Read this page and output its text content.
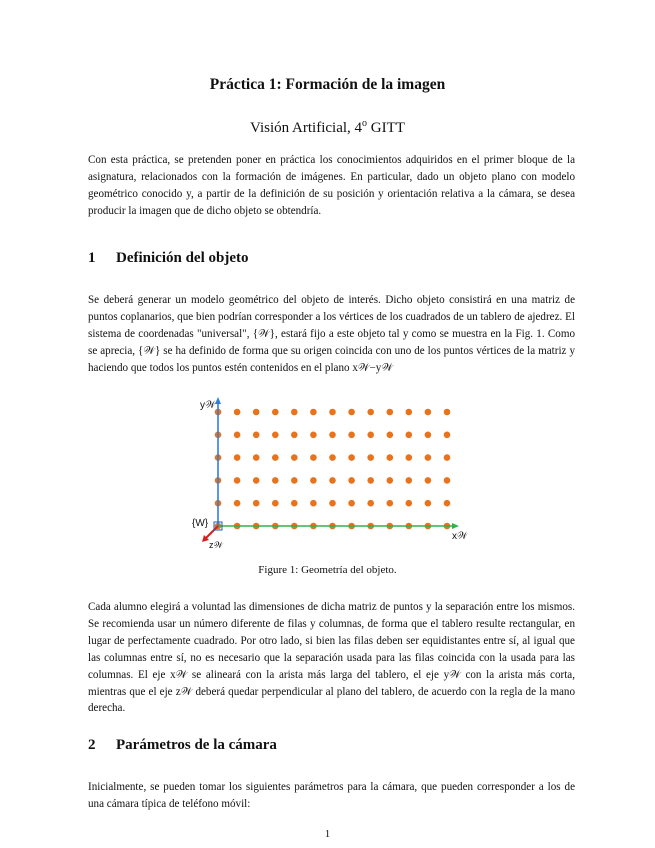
Práctica 1: Formación de la imagen
Visión Artificial, 4$^o$ GITT

Con esta práctica, se pretenden poner en práctica los conocimientos adquiridos en el primer bloque de la asignatura, relacionados con la formación de imágenes. En particular, dado un objeto plano con modelo geométrico conocido y, a partir de la definición de su posición y orientación relativa a la cámara, se desea producir la imagen que de dicho objeto se obtendría.

1 Definición del objeto

Se deberá generar un modelo geométrico del objeto de interés. Dicho objeto consistirá en una matriz de puntos coplanarios, que bien podrían corresponder a los vértices de los cuadrados de un tablero de ajedrez. El sistema de coordenadas "universal", {𝒲}, estará fijo a este objeto tal y como se muestra en la Fig. 1. Como se aprecia, {𝒲} se ha definido de forma que su origen coincida con uno de los puntos vértices de la matriz y haciendo que todos los puntos estén contenidos en el plano x𝒲−y𝒲

y𝒲
x𝒲
{W}
z𝒲
Figure 1: Geometría del objeto.

Cada alumno elegirá a voluntad las dimensiones de dicha matriz de puntos y la separación entre los mismos. Se recomienda usar un número diferente de filas y columnas, de forma que el tablero resulte rectangular, en lugar de perfectamente cuadrado. Por otro lado, si bien las filas deben ser equidistantes entre sí, al igual que las columnas entre sí, no es necesario que la separación usada para las filas coincida con la usada para las columnas. El eje x𝒲 se alineará con la arista más larga del tablero, el eje y𝒲 con la arista más corta, mientras que el eje z𝒲 deberá quedar perpendicular al plano del tablero, de acuerdo con la regla de la mano derecha.

2 Parámetros de la cámara

Inicialmente, se pueden tomar los siguientes parámetros para la cámara, que pueden corresponder a los de una cámara típica de teléfono móvil:

1
